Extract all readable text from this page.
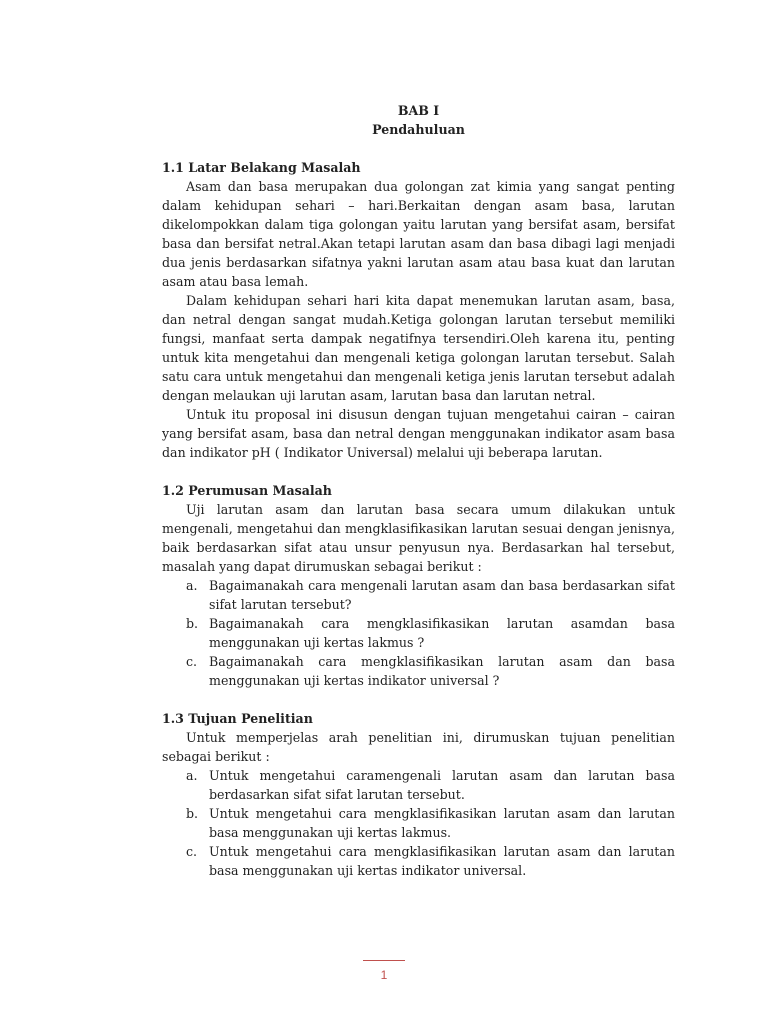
BAB I

Pendahuluan

1.1 Latar Belakang Masalah

Asam dan basa merupakan dua golongan zat kimia yang sangat penting dalam kehidupan sehari – hari.Berkaitan dengan asam basa, larutan dikelompokkan dalam tiga golongan yaitu larutan yang bersifat asam, bersifat basa dan bersifat netral.Akan tetapi larutan asam dan basa dibagi lagi menjadi dua jenis berdasarkan sifatnya yakni larutan asam atau basa kuat dan larutan asam atau basa lemah.

Dalam kehidupan sehari hari kita dapat menemukan larutan asam, basa, dan netral dengan sangat mudah.Ketiga golongan larutan tersebut memiliki fungsi, manfaat serta dampak negatifnya tersendiri.Oleh karena itu, penting untuk kita mengetahui dan mengenali ketiga golongan larutan tersebut. Salah satu cara untuk mengetahui dan mengenali ketiga jenis larutan tersebut adalah dengan melaukan uji larutan asam, larutan basa dan larutan netral.

Untuk itu proposal ini disusun dengan tujuan mengetahui cairan – cairan yang bersifat asam, basa dan netral dengan menggunakan indikator asam basa dan indikator pH ( Indikator Universal) melalui uji beberapa larutan.

1.2 Perumusan Masalah

Uji larutan asam dan larutan basa secara umum dilakukan untuk mengenali, mengetahui dan mengklasifikasikan larutan sesuai dengan jenisnya, baik berdasarkan sifat atau unsur penyusun nya. Berdasarkan hal tersebut, masalah yang dapat dirumuskan sebagai berikut :

a. Bagaimanakah cara mengenali larutan asam dan basa berdasarkan sifat sifat larutan tersebut?
b. Bagaimanakah cara mengklasifikasikan larutan asamdan basa menggunakan uji kertas lakmus ?
c. Bagaimanakah cara mengklasifikasikan larutan asam dan basa menggunakan uji kertas indikator universal ?

1.3 Tujuan Penelitian

Untuk memperjelas arah penelitian ini, dirumuskan tujuan penelitian sebagai berikut :

a. Untuk mengetahui caramengenali larutan asam dan larutan basa berdasarkan sifat sifat larutan tersebut.
b. Untuk mengetahui cara mengklasifikasikan larutan asam dan larutan basa menggunakan uji kertas lakmus.
c. Untuk mengetahui cara mengklasifikasikan larutan asam dan larutan basa menggunakan uji kertas indikator universal.
1
